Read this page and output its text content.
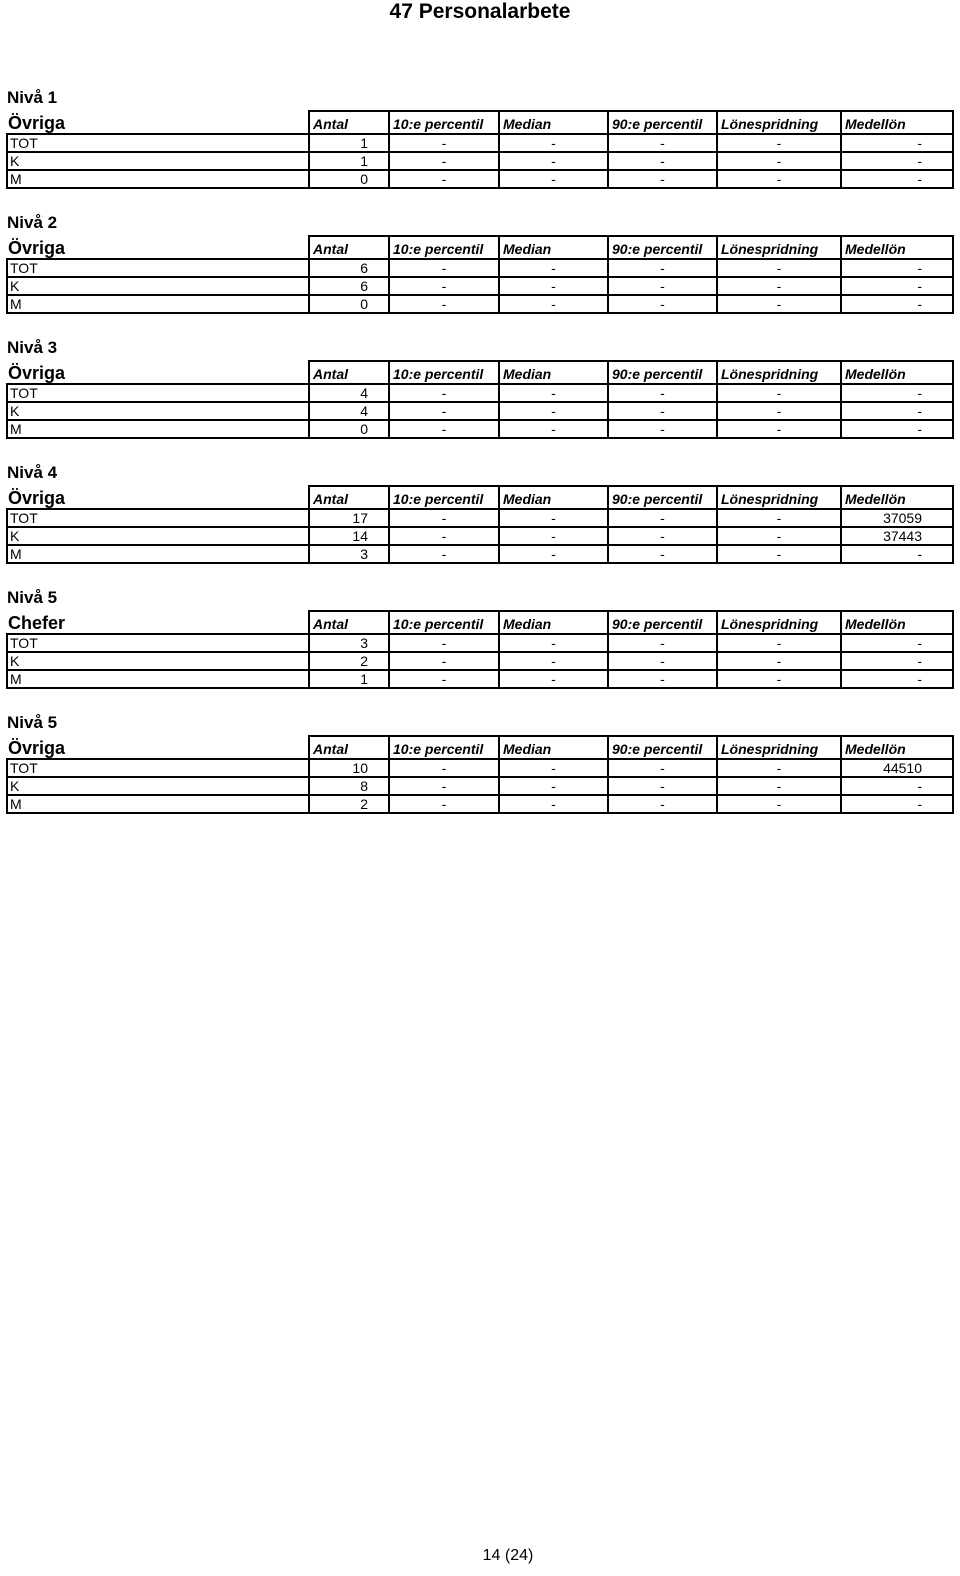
47 Personalarbete
Nivå 1
Övriga	Antal	10:e percentil	Median	90:e percentil	Lönespridning	Medellön
TOT	1	-	-	-	-	-
K	1	-	-	-	-	-
M	0	-	-	-	-	-
Nivå 2
Övriga	Antal	10:e percentil	Median	90:e percentil	Lönespridning	Medellön
TOT	6	-	-	-	-	-
K	6	-	-	-	-	-
M	0	-	-	-	-	-
Nivå 3
Övriga	Antal	10:e percentil	Median	90:e percentil	Lönespridning	Medellön
TOT	4	-	-	-	-	-
K	4	-	-	-	-	-
M	0	-	-	-	-	-
Nivå 4
Övriga	Antal	10:e percentil	Median	90:e percentil	Lönespridning	Medellön
TOT	17	-	-	-	-	37059
K	14	-	-	-	-	37443
M	3	-	-	-	-	-
Nivå 5
Chefer	Antal	10:e percentil	Median	90:e percentil	Lönespridning	Medellön
TOT	3	-	-	-	-	-
K	2	-	-	-	-	-
M	1	-	-	-	-	-
Nivå 5
Övriga	Antal	10:e percentil	Median	90:e percentil	Lönespridning	Medellön
TOT	10	-	-	-	-	44510
K	8	-	-	-	-	-
M	2	-	-	-	-	-
14 (24)
